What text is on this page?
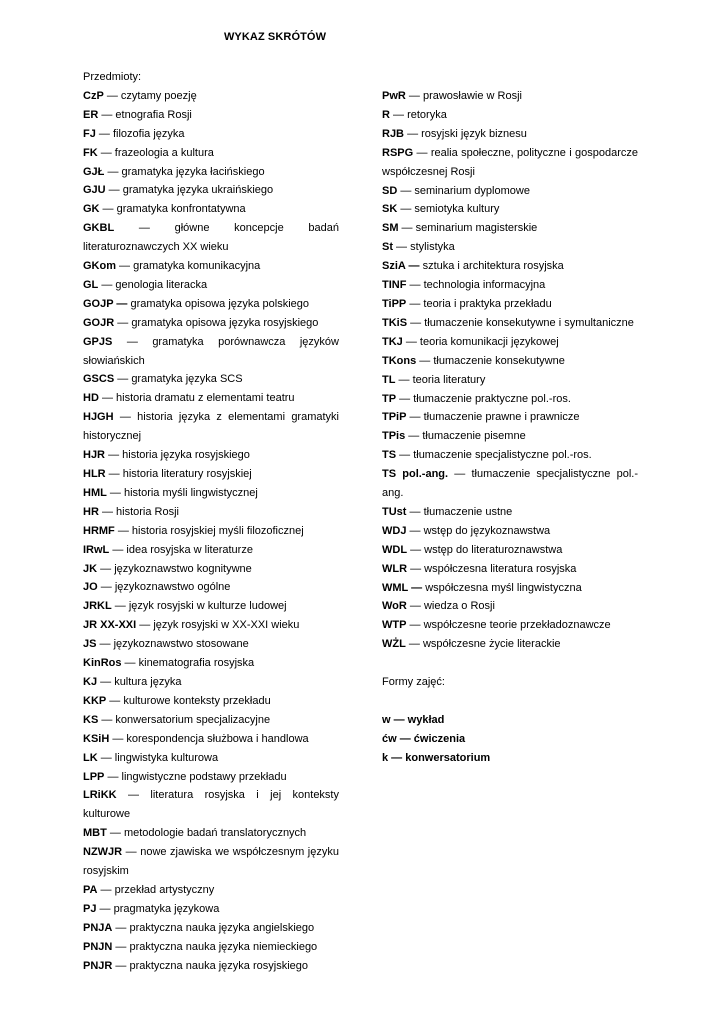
WYKAZ SKRÓTÓW
Przedmioty:
CzP — czytamy poezję
ER — etnografia Rosji
FJ — filozofia języka
FK — frazeologia a kultura
GJŁ — gramatyka języka łacińskiego
GJU — gramatyka języka ukraińskiego
GK — gramatyka konfrontatywna
GKBL — główne koncepcje badań literaturoznawczych XX wieku
GKom — gramatyka komunikacyjna
GL — genologia literacka
GOJP — gramatyka opisowa języka polskiego
GOJR — gramatyka opisowa języka rosyjskiego
GPJS — gramatyka porównawcza języków słowiańskich
GSCS — gramatyka języka SCS
HD — historia dramatu z elementami teatru
HJGH — historia języka z elementami gramatyki historycznej
HJR — historia języka rosyjskiego
HLR — historia literatury rosyjskiej
HML — historia myśli lingwistycznej
HR — historia Rosji
HRMF — historia rosyjskiej myśli filozoficznej
IRwL — idea rosyjska w literaturze
JK — językoznawstwo kognitywne
JO — językoznawstwo ogólne
JRKL — język rosyjski w kulturze ludowej
JR XX-XXI — język rosyjski w XX-XXI wieku
JS — językoznawstwo stosowane
KinRos — kinematografia rosyjska
KJ — kultura języka
KKP — kulturowe konteksty przekładu
KS — konwersatorium specjalizacyjne
KSiH — korespondencja służbowa i handlowa
LK — lingwistyka kulturowa
LPP — lingwistyczne podstawy przekładu
LRiKK — literatura rosyjska i jej konteksty kulturowe
MBT — metodologie badań translatorycznych
NZWJR — nowe zjawiska we współczesnym języku rosyjskim
PA — przekład artystyczny
PJ — pragmatyka językowa
PNJA — praktyczna nauka języka angielskiego
PNJN — praktyczna nauka języka niemieckiego
PNJR — praktyczna nauka języka rosyjskiego
PwR — prawosławie w Rosji
R — retoryka
RJB — rosyjski język biznesu
RSPG — realia społeczne, polityczne i gospodarcze współczesnej Rosji
SD — seminarium dyplomowe
SK — semiotyka kultury
SM — seminarium magisterskie
St — stylistyka
SziA — sztuka i architektura rosyjska
TINF — technologia informacyjna
TiPP — teoria i praktyka przekładu
TKiS — tłumaczenie konsekutywne i symultaniczne
TKJ — teoria komunikacji językowej
TKons — tłumaczenie konsekutywne
TL — teoria literatury
TP — tłumaczenie praktyczne pol.-ros.
TPiP — tłumaczenie prawne i prawnicze
TPis — tłumaczenie pisemne
TS — tłumaczenie specjalistyczne pol.-ros.
TS pol.-ang. — tłumaczenie specjalistyczne pol.-ang.
TUst — tłumaczenie ustne
WDJ — wstęp do językoznawstwa
WDL — wstęp do literaturoznawstwa
WLR — współczesna literatura rosyjska
WML — współczesna myśl lingwistyczna
WoR — wiedza o Rosji
WTP — współczesne teorie przekładoznawcze
WŻL — współczesne życie literackie
Formy zajęć:
w — wykład
ćw — ćwiczenia
k — konwersatorium
